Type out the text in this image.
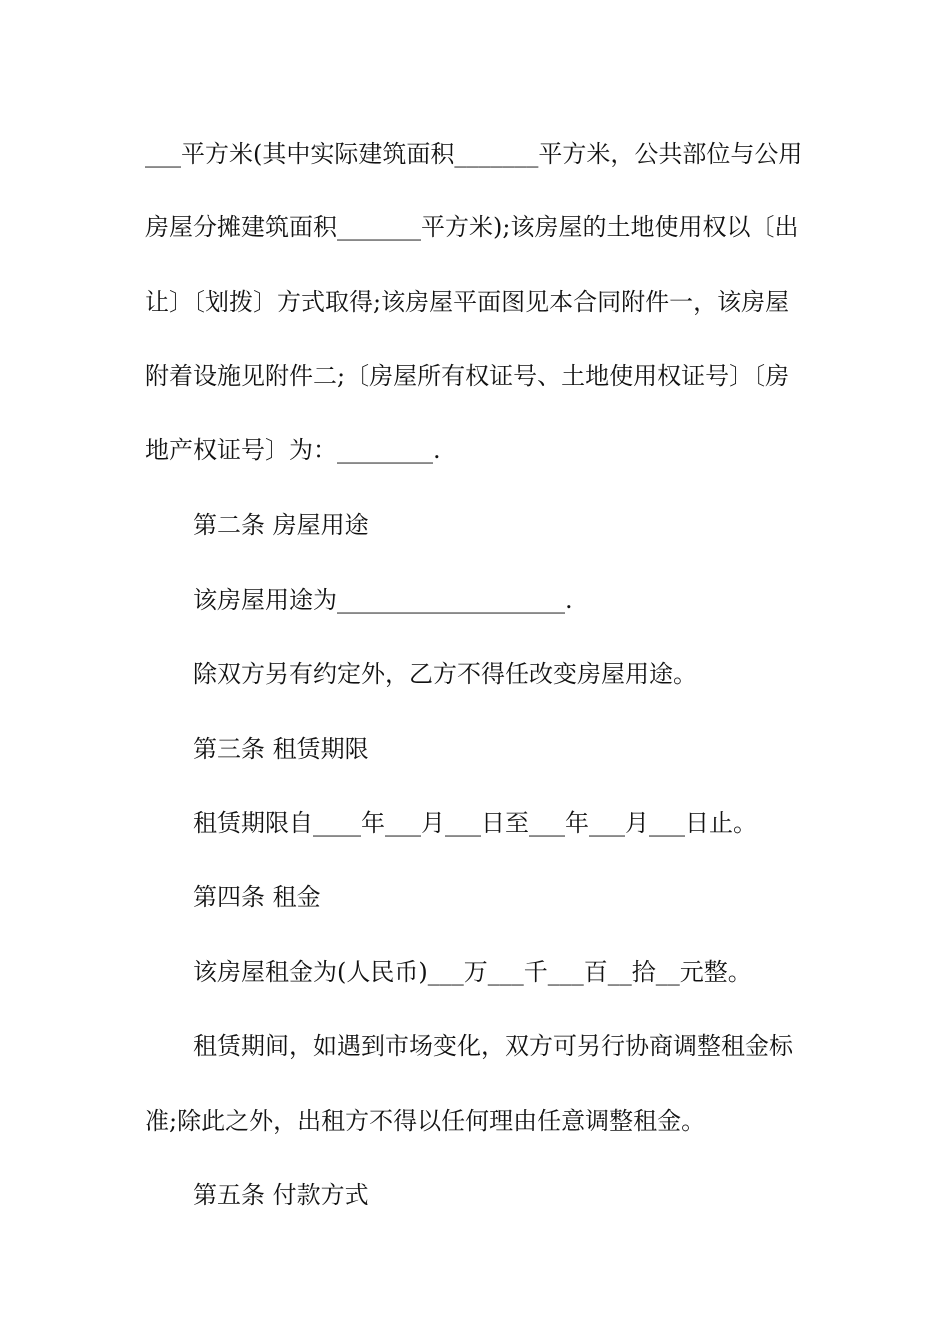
___平方米(其中实际建筑面积_______平方米，公共部位与公用
房屋分摊建筑面积_______平方米);该房屋的土地使用权以〔出
让〕〔划拨〕方式取得;该房屋平面图见本合同附件一，该房屋
附着设施见附件二;〔房屋所有权证号、土地使用权证号〕〔房
地产权证号〕为：________.
第二条 房屋用途
该房屋用途为___________________.
除双方另有约定外，乙方不得任改变房屋用途。
第三条 租赁期限
租赁期限自____年___月___日至___年___月___日止。
第四条 租金
该房屋租金为(人民币)___万___千___百__拾__元整。
租赁期间，如遇到市场变化，双方可另行协商调整租金标
准;除此之外，出租方不得以任何理由任意调整租金。
第五条 付款方式
